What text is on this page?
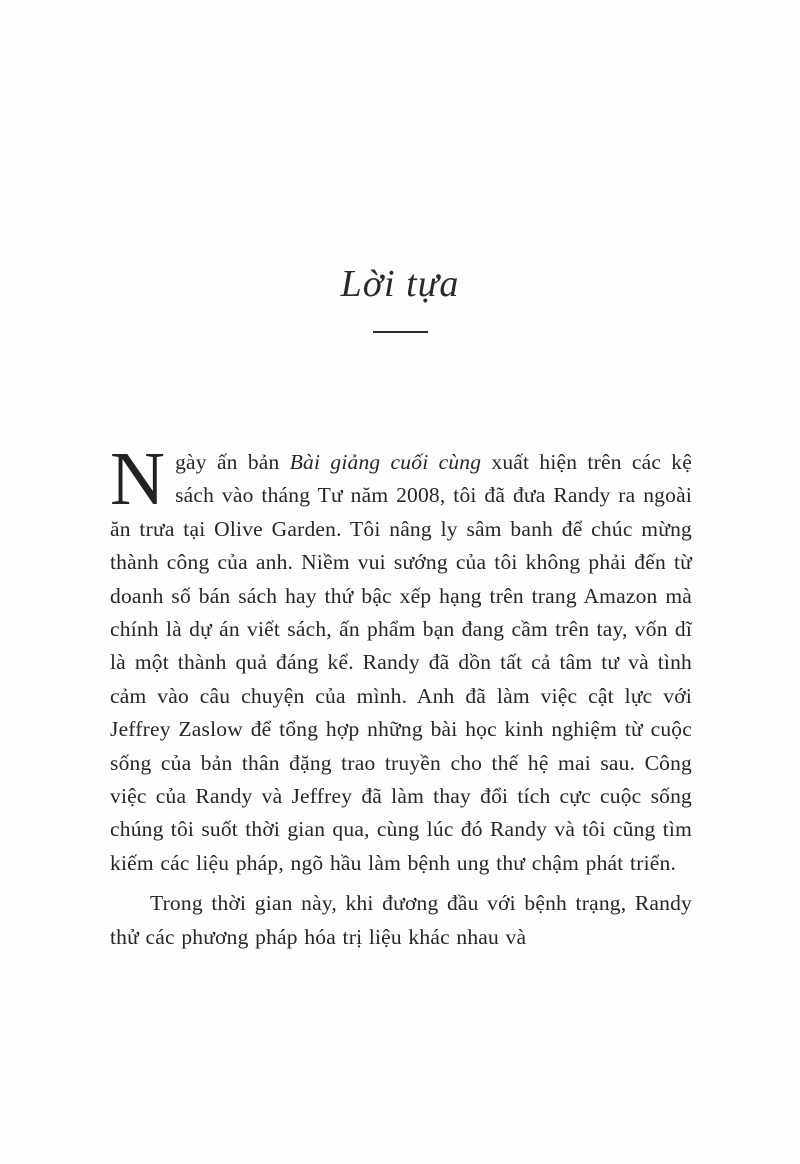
Lời tựa

Ngày ấn bản Bài giảng cuối cùng xuất hiện trên các kệ sách vào tháng Tư năm 2008, tôi đã đưa Randy ra ngoài ăn trưa tại Olive Garden. Tôi nâng ly sâm banh để chúc mừng thành công của anh. Niềm vui sướng của tôi không phải đến từ doanh số bán sách hay thứ bậc xếp hạng trên trang Amazon mà chính là dự án viết sách, ấn phẩm bạn đang cầm trên tay, vốn dĩ là một thành quả đáng kể. Randy đã dồn tất cả tâm tư và tình cảm vào câu chuyện của mình. Anh đã làm việc cật lực với Jeffrey Zaslow để tổng hợp những bài học kinh nghiệm từ cuộc sống của bản thân đặng trao truyền cho thế hệ mai sau. Công việc của Randy và Jeffrey đã làm thay đổi tích cực cuộc sống chúng tôi suốt thời gian qua, cùng lúc đó Randy và tôi cũng tìm kiếm các liệu pháp, ngõ hầu làm bệnh ung thư chậm phát triển.

Trong thời gian này, khi đương đầu với bệnh trạng, Randy thử các phương pháp hóa trị liệu khác nhau và
